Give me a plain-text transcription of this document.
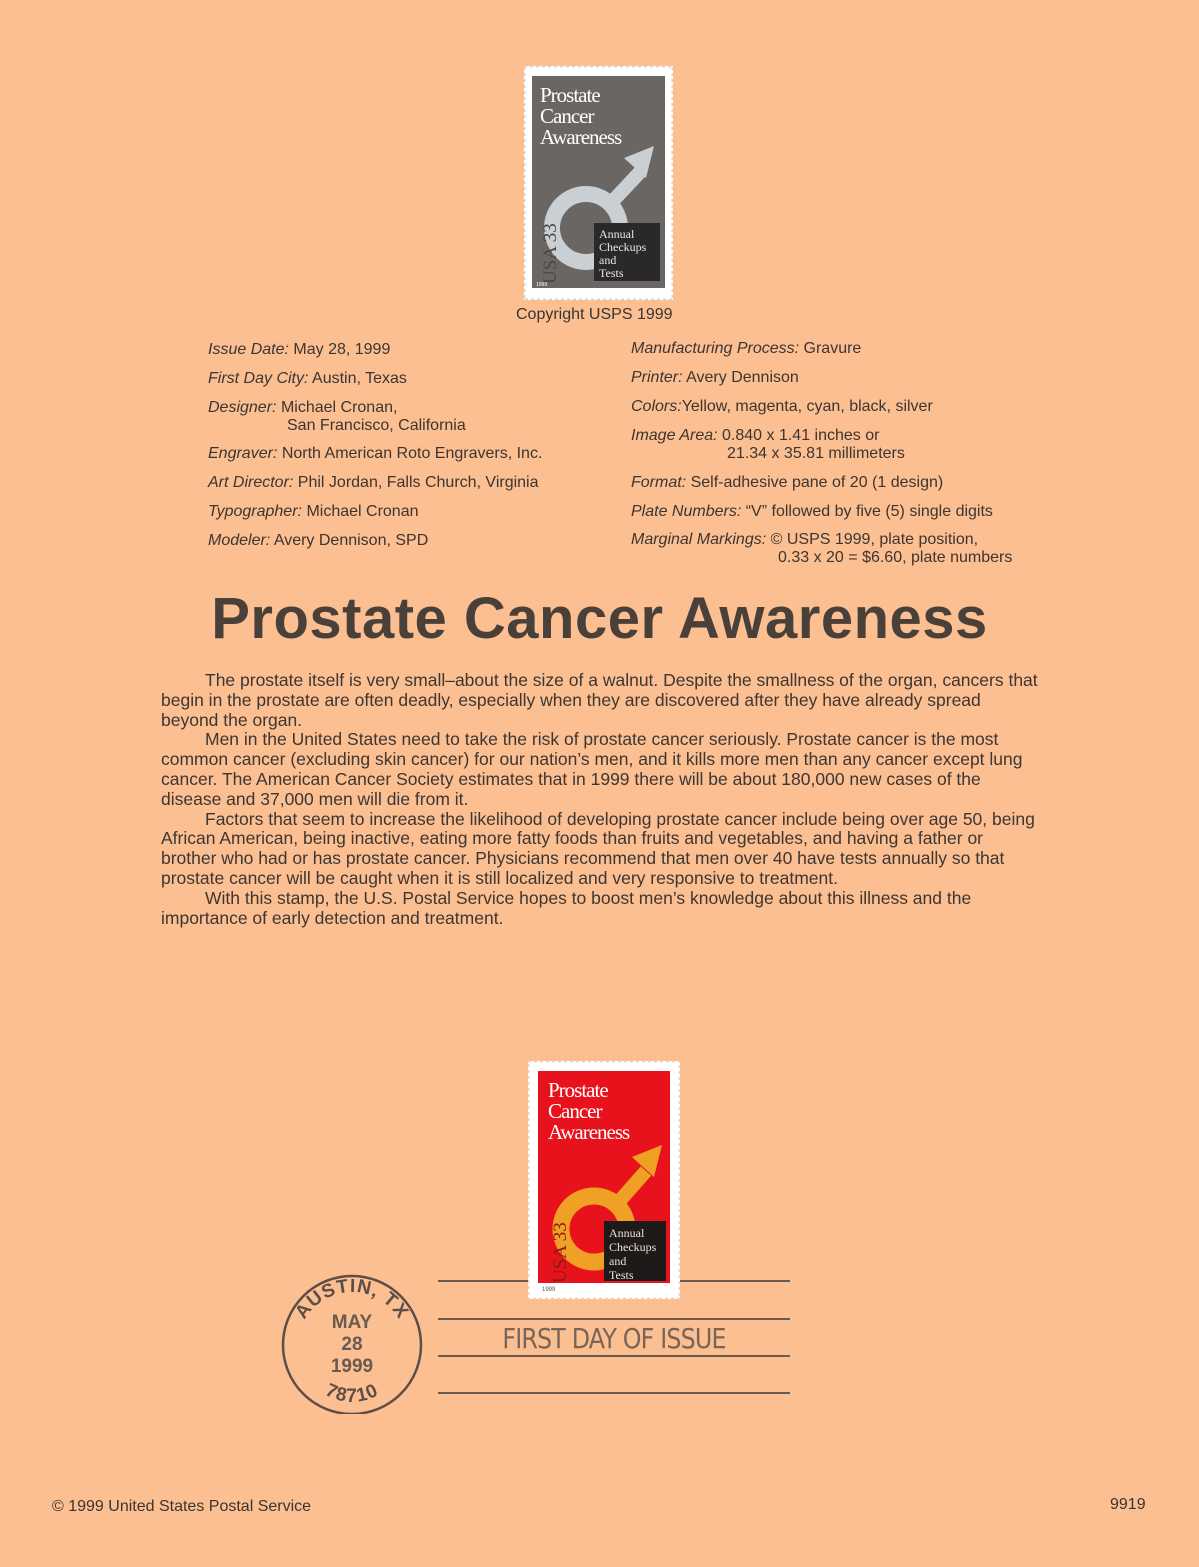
Prostate
Cancer
Awareness
Annual
Checkups
and
Tests
USA 33
1999
Copyright USPS 1999
Issue Date: May 28, 1999
First Day City: Austin, Texas
Designer: Michael Cronan,
San Francisco, California
Engraver: North American Roto Engravers, Inc.
Art Director: Phil Jordan, Falls Church, Virginia
Typographer: Michael Cronan
Modeler: Avery Dennison, SPD
Manufacturing Process: Gravure
Printer: Avery Dennison
Colors:Yellow, magenta, cyan, black, silver
Image Area: 0.840 x 1.41 inches or
21.34 x 35.81 millimeters
Format: Self-adhesive pane of 20 (1 design)
Plate Numbers: “V” followed by five (5) single digits
Marginal Markings: © USPS 1999, plate position,
0.33 x 20 = $6.60, plate numbers
Prostate Cancer Awareness

The prostate itself is very small–about the size of a walnut. Despite the smallness of the organ, cancers that begin in the prostate are often deadly, especially when they are discovered after they have already spread beyond the organ.

Men in the United States need to take the risk of prostate cancer seriously. Prostate cancer is the most common cancer (excluding skin cancer) for our nation’s men, and it kills more men than any cancer except lung cancer. The American Cancer Society estimates that in 1999 there will be about 180,000 new cases of the disease and 37,000 men will die from it.

Factors that seem to increase the likelihood of developing prostate cancer include being over age 50, being African American, being inactive, eating more fatty foods than fruits and vegetables, and having a father or brother who had or has prostate cancer. Physicians recommend that men over 40 have tests annually so that prostate cancer will be caught when it is still localized and very responsive to treatment.

With this stamp, the U.S. Postal Service hopes to boost men’s knowledge about this illness and the importance of early detection and treatment.

Prostate
Cancer
Awareness
Annual
Checkups
and
Tests
USA 33
1999
AUSTIN, TX
MAY
28
1999
78710
FIRST DAY OF ISSUE
© 1999 United States Postal Service	9919
